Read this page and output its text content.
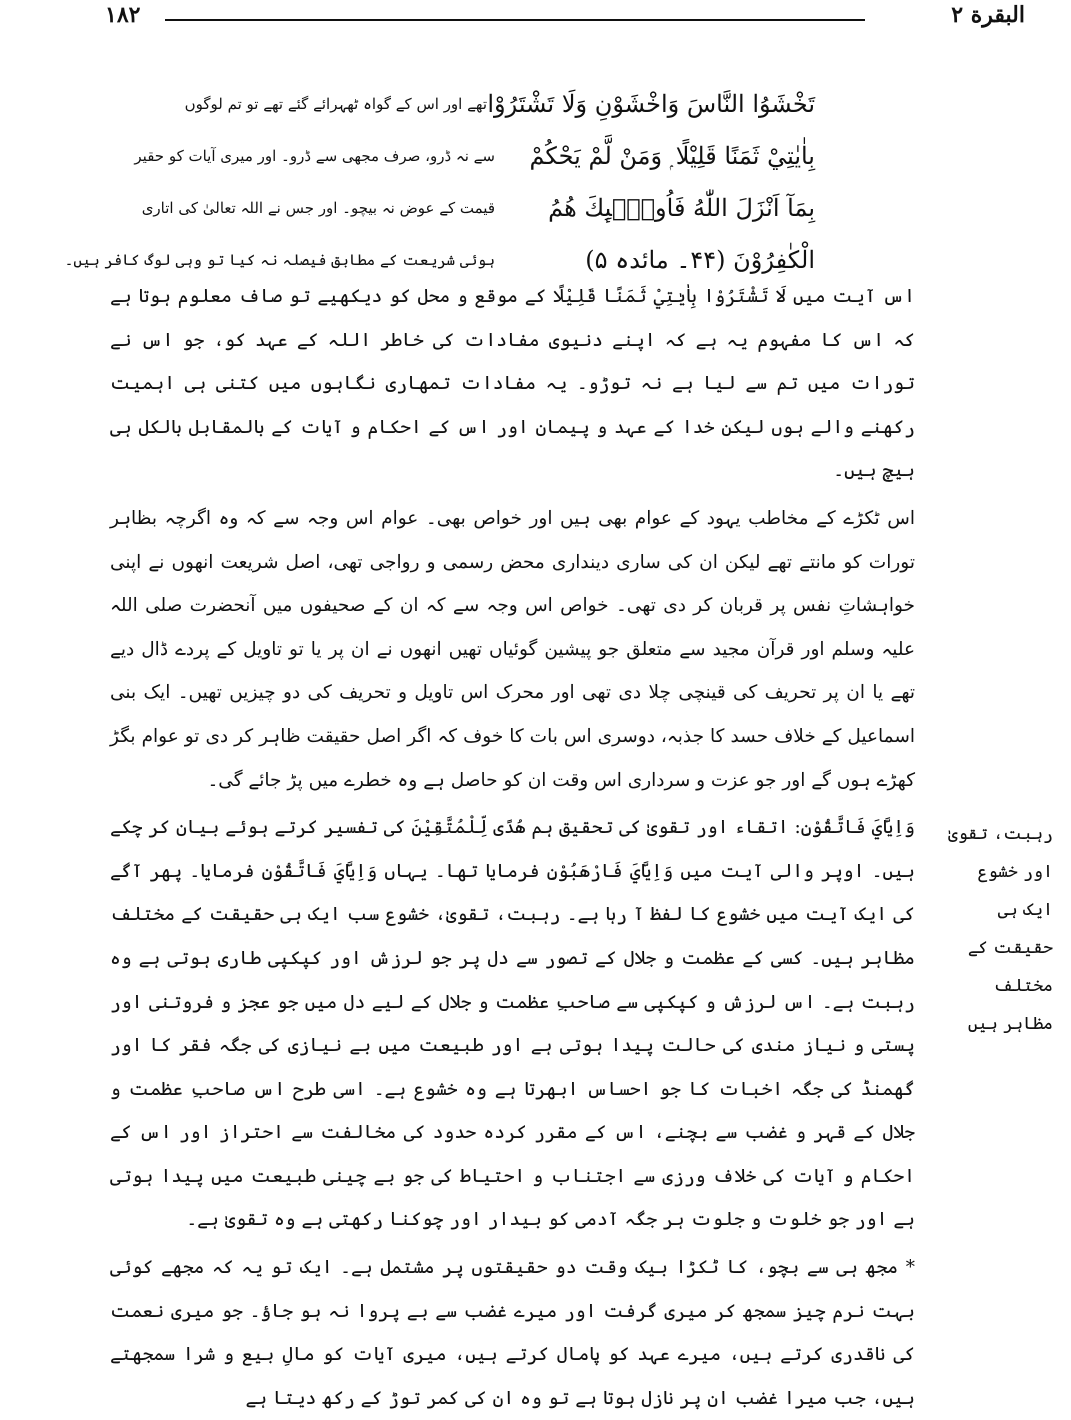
البقرة ٢
١٨٢
تَخْشَوُا النَّاسَ وَاخْشَوْنِ وَلَا تَشْتَرُوْا
تھے اور اس کے گواہ ٹھہرائے گئے تھے تو تم لوگوں
بِاٰيٰتِيْ ثَمَنًا قَلِيْلًا ۭ وَمَنْ لَّمْ يَحْكُمْ
سے نہ ڈرو، صرف مجھی سے ڈرو۔ اور میری آیات کو حقیر
بِمَآ اَنْزَلَ اللّٰهُ فَاُولٰۗىِٕكَ هُمُ
قیمت کے عوض نہ بیچو۔ اور جس نے اللہ تعالیٰ کی اتاری
الْكٰفِرُوْنَ (۴۴۔ مائدہ ۵)
ہوئی شریعت کے مطابق فیصلہ نہ کیا تو وہی لوگ کافر ہیں۔

اس آیت میں لَا تَشْتَرُوْا بِاٰيٰتِيْ ثَمَنًا قَلِيْلًا کے موقع و محل کو دیکھیے تو صاف معلوم ہوتا ہے کہ اس کا مفہوم یہ ہے کہ اپنے دنیوی مفادات کی خاطر اللہ کے عہد کو، جو اس نے تورات میں تم سے لیا ہے نہ توڑو۔ یہ مفادات تمھاری نگاہوں میں کتنی ہی اہمیت رکھنے والے ہوں لیکن خدا کے عہد و پیمان اور اس کے احکام و آیات کے بالمقابل بالکل ہی ہیچ ہیں۔

اس ٹکڑے کے مخاطب یہود کے عوام بھی ہیں اور خواص بھی۔ عوام اس وجہ سے کہ وہ اگرچہ بظاہر تورات کو مانتے تھے لیکن ان کی ساری دینداری محض رسمی و رواجی تھی، اصل شریعت انھوں نے اپنی خواہشاتِ نفس پر قربان کر دی تھی۔ خواص اس وجہ سے کہ ان کے صحیفوں میں آنحضرت صلی اللہ علیہ وسلم اور قرآن مجید سے متعلق جو پیشین گوئیاں تھیں انھوں نے ان پر یا تو تاویل کے پردے ڈال دیے تھے یا ان پر تحریف کی قینچی چلا دی تھی اور محرک اس تاویل و تحریف کی دو چیزیں تھیں۔ ایک بنی اسماعیل کے خلاف حسد کا جذبہ، دوسری اس بات کا خوف کہ اگر اصل حقیقت ظاہر کر دی تو عوام بگڑ کھڑے ہوں گے اور جو عزت و سرداری اس وقت ان کو حاصل ہے وہ خطرے میں پڑ جائے گی۔

وَاِيَّايَ فَاتَّقُوْنِ: اتقاء اور تقویٰ کی تحقیق ہم هُدًى لِّلْمُتَّقِيْنَ کی تفسیر کرتے ہوئے بیان کر چکے ہیں۔ اوپر والی آیت میں وَاِيَّايَ فَارْهَبُوْنِ فرمایا تھا۔ یہاں وَاِيَّايَ فَاتَّقُوْنِ فرمایا۔ پھر آگے کی ایک آیت میں خشوع کا لفظ آ رہا ہے۔ رہبت، تقویٰ، خشوع سب ایک ہی حقیقت کے مختلف مظاہر ہیں۔ کسی کے عظمت و جلال کے تصور سے دل پر جو لرزش اور کپکپی طاری ہوتی ہے وہ رہبت ہے۔ اس لرزش و کپکپی سے صاحبِ عظمت و جلال کے لیے دل میں جو عجز و فروتنی اور پستی و نیاز مندی کی حالت پیدا ہوتی ہے اور طبیعت میں بے نیازی کی جگہ فقر کا اور گھمنڈ کی جگہ اخبات کا جو احساس ابھرتا ہے وہ خشوع ہے۔ اسی طرح اس صاحبِ عظمت و جلال کے قہر و غضب سے بچنے، اس کے مقرر کردہ حدود کی مخالفت سے احتراز اور اس کے احکام و آیات کی خلاف ورزی سے اجتناب و احتیاط کی جو بے چینی طبیعت میں پیدا ہوتی ہے اور جو خلوت و جلوت ہر جگہ آدمی کو بیدار اور چوکنا رکھتی ہے وہ تقویٰ ہے۔

* مجھ ہی سے بچو، کا ٹکڑا بیک وقت دو حقیقتوں پر مشتمل ہے۔ ایک تو یہ کہ مجھے کوئی بہت نرم چیز سمجھ کر میری گرفت اور میرے غضب سے بے پروا نہ ہو جاؤ۔ جو میری نعمت کی ناقدری کرتے ہیں، میرے عہد کو پامال کرتے ہیں، میری آیات کو مالِ بیع و شرا سمجھتے ہیں، جب میرا غضب ان پر نازل ہوتا ہے تو وہ ان کی کمر توڑ کے رکھ دیتا ہے

رہبت، تقویٰ اور خشوع ایک ہی حقیقت کے مختلف مظاہر ہیں
